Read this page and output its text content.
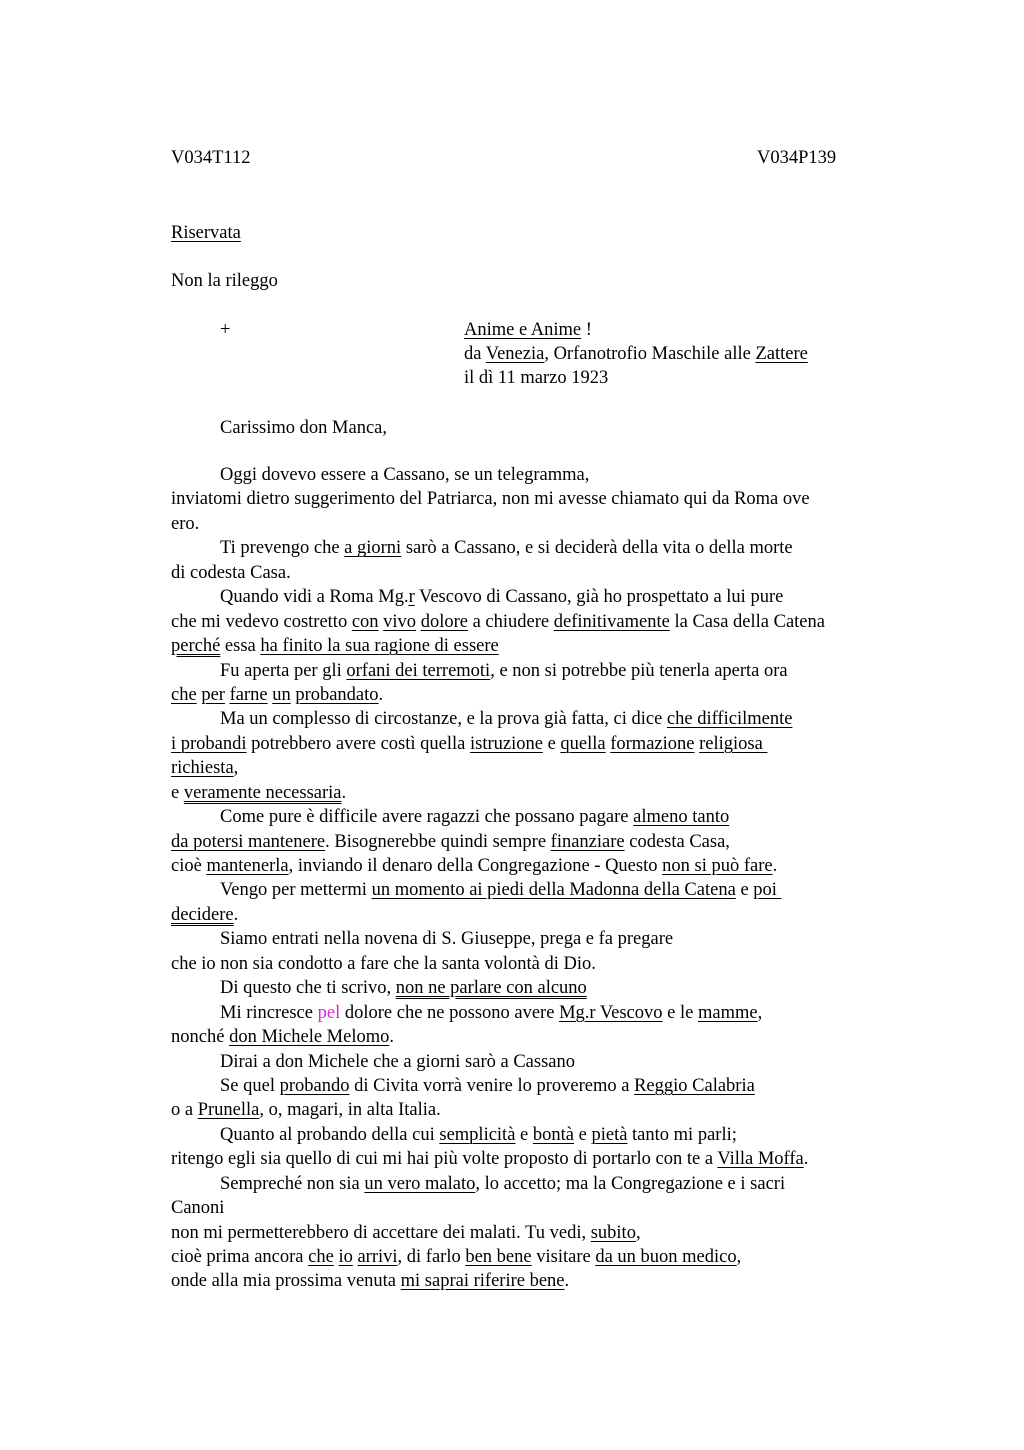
V034T112	V034P139
Riservata
Non la rileggo
+	Anime e Anime !
da Venezia, Orfanotrofio Maschile alle Zattere
il dì 11 marzo 1923
Carissimo don Manca,
Oggi dovevo essere a Cassano, se un telegramma,
inviatomi dietro suggerimento del Patriarca, non mi avesse chiamato qui da Roma ove
ero.
Ti prevengo che a giorni sarò a Cassano, e si deciderà della vita o della morte
di codesta Casa.
Quando vidi a Roma Mg.r Vescovo di Cassano, già ho prospettato a lui pure
che mi vedevo costretto con vivo dolore a chiudere definitivamente la Casa della Catena
perché essa ha finito la sua ragione di essere
Fu aperta per gli orfani dei terremoti, e non si potrebbe più tenerla aperta ora
che per farne un probandato.
Ma un complesso di circostanze, e la prova già fatta, ci dice che difficilmente
i probandi potrebbero avere costì quella istruzione e quella formazione religiosa
richiesta,
e veramente necessaria.
Come pure è difficile avere ragazzi che possano pagare almeno tanto
da potersi mantenere. Bisognerebbe quindi sempre finanziare codesta Casa,
cioè mantenerla, inviando il denaro della Congregazione - Questo non si può fare.
Vengo per mettermi un momento ai piedi della Madonna della Catena e poi
decidere.
Siamo entrati nella novena di S. Giuseppe, prega e fa pregare
che io non sia condotto a fare che la santa volontà di Dio.
Di questo che ti scrivo, non ne parlare con alcuno
Mi rincresce pel dolore che ne possono avere Mg.r Vescovo e le mamme,
nonché don Michele Melomo.
Dirai a don Michele che a giorni sarò a Cassano
Se quel probando di Civita vorrà venire lo proveremo a Reggio Calabria
o a Prunella, o, magari, in alta Italia.
Quanto al probando della cui semplicità e bontà e pietà tanto mi parli;
ritengo egli sia quello di cui mi hai più volte proposto di portarlo con te a Villa Moffa.
Sempreché non sia un vero malato, lo accetto; ma la Congregazione e i sacri
Canoni
non mi permetterebbero di accettare dei malati. Tu vedi, subito,
cioè prima ancora che io arrivi, di farlo ben bene visitare da un buon medico,
onde alla mia prossima venuta mi saprai riferire bene.
